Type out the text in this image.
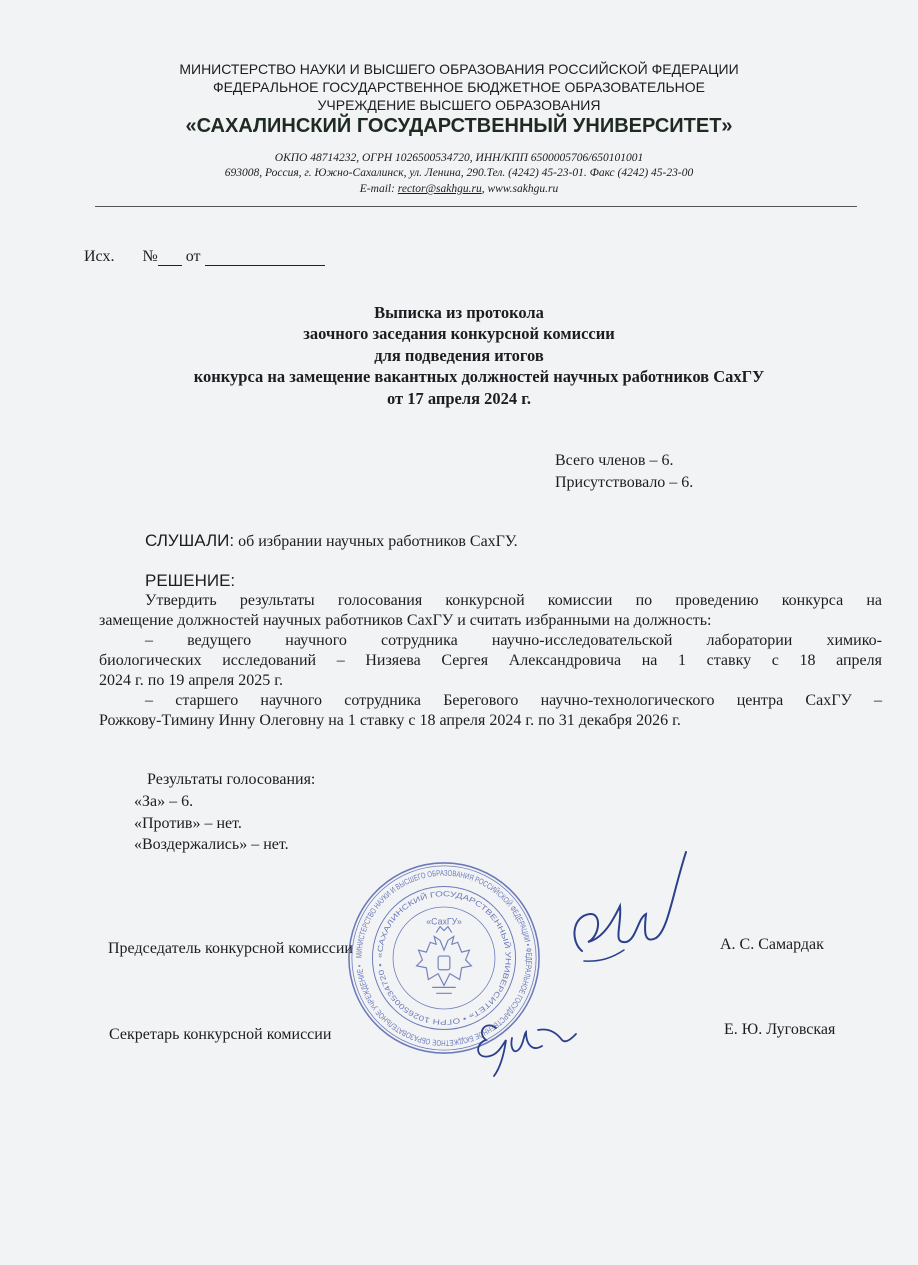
МИНИСТЕРСТВО НАУКИ И ВЫСШЕГО ОБРАЗОВАНИЯ РОССИЙСКОЙ ФЕДЕРАЦИИ
ФЕДЕРАЛЬНОЕ ГОСУДАРСТВЕННОЕ БЮДЖЕТНОЕ ОБРАЗОВАТЕЛЬНОЕ
УЧРЕЖДЕНИЕ ВЫСШЕГО ОБРАЗОВАНИЯ
«САХАЛИНСКИЙ ГОСУДАРСТВЕННЫЙ УНИВЕРСИТЕТ»
ОКПО 48714232, ОГРН 1026500534720, ИНН/КПП 6500005706/650101001
693008, Россия, г. Южно-Сахалинск, ул. Ленина, 290.Тел. (4242) 45-23-01. Факс (4242) 45-23-00
E-mail: rector@sakhgu.ru, www.sakhgu.ru
Исх. № от
Выписка из протокола
заочного заседания конкурсной комиссии
для подведения итогов
конкурса на замещение вакантных должностей научных работников СахГУ
от 17 апреля 2024 г.
Всего членов – 6.
Присутствовало – 6.
СЛУШАЛИ: об избрании научных работников СахГУ.
РЕШЕНИЕ:

Утвердить результаты голосования конкурсной комиссии по проведению конкурса на

замещение должностей научных работников СахГУ и считать избранными на должность:

– ведущего научного сотрудника научно-исследовательской лаборатории химико-

биологических исследований – Низяева Сергея Александровича на 1 ставку с 18 апреля

2024 г. по 19 апреля 2025 г.

– старшего научного сотрудника Берегового научно-технологического центра СахГУ –

Рожкову-Тимину Инну Олеговну на 1 ставку с 18 апреля 2024 г. по 31 декабря 2026 г.

Результаты голосования:
«За» – 6.
«Против» – нет.
«Воздержались» – нет.
МИНИСТЕРСТВО НАУКИ И ВЫСШЕГО ОБРАЗОВАНИЯ РОССИЙСКОЙ ФЕДЕРАЦИИ • ФЕДЕРАЛЬНОЕ ГОСУДАРСТВЕННОЕ БЮДЖЕТНОЕ ОБРАЗОВАТЕЛЬНОЕ УЧРЕЖДЕНИЕ •
«САХАЛИНСКИЙ ГОСУДАРСТВЕННЫЙ УНИВЕРСИТЕТ» • ОГРН 1026500534720 •
«СахГУ»
Председатель конкурсной комиссии	А. С. Самардак
Секретарь конкурсной комиссии	Е. Ю. Луговская
